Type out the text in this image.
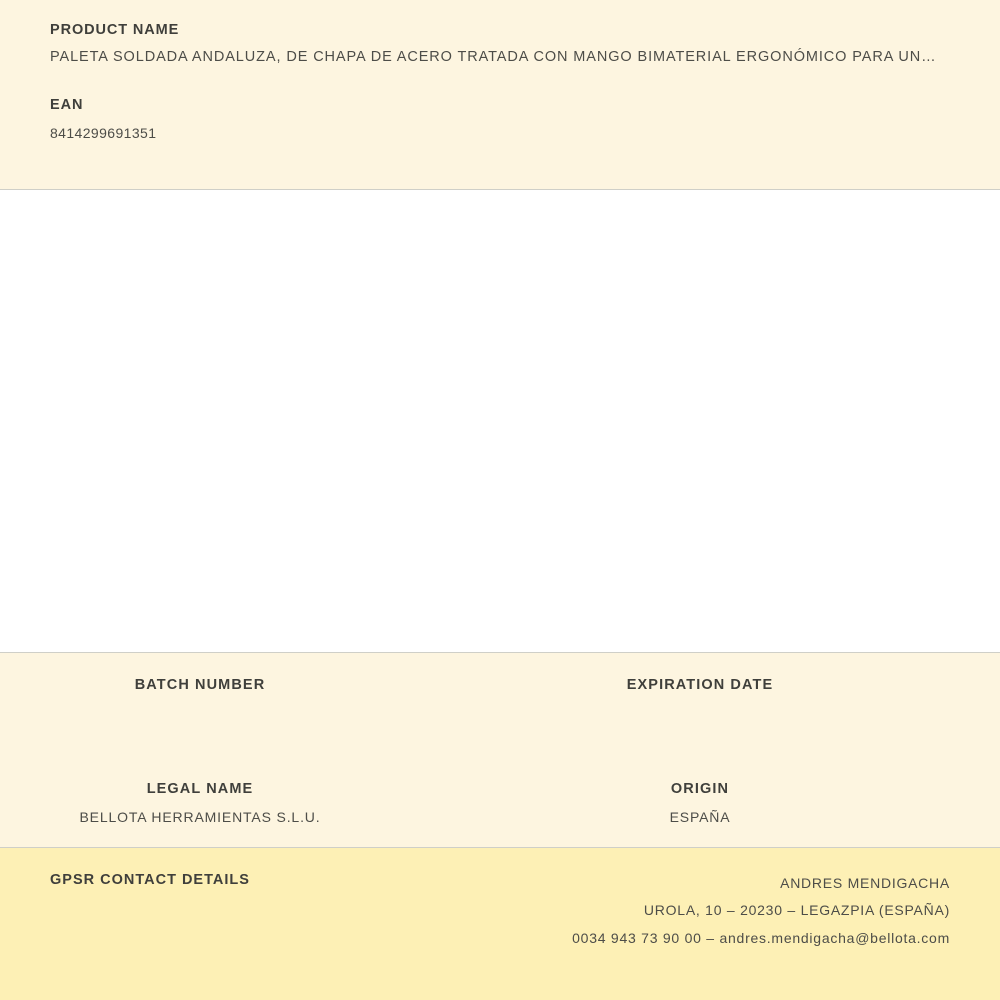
PRODUCT NAME
PALETA SOLDADA ANDALUZA, DE CHAPA DE ACERO TRATADA CON MANGO BIMATERIAL ERGONÓMICO PARA UN…
EAN
8414299691351
BATCH NUMBER	EXPIRATION DATE
LEGAL NAME
BELLOTA HERRAMIENTAS S.L.U.
ORIGIN
ESPAÑA
GPSR CONTACT DETAILS	ANDRES MENDIGACHA
UROLA, 10 – 20230 – LEGAZPIA (ESPAÑA)
0034 943 73 90 00 – andres.mendigacha@bellota.com
